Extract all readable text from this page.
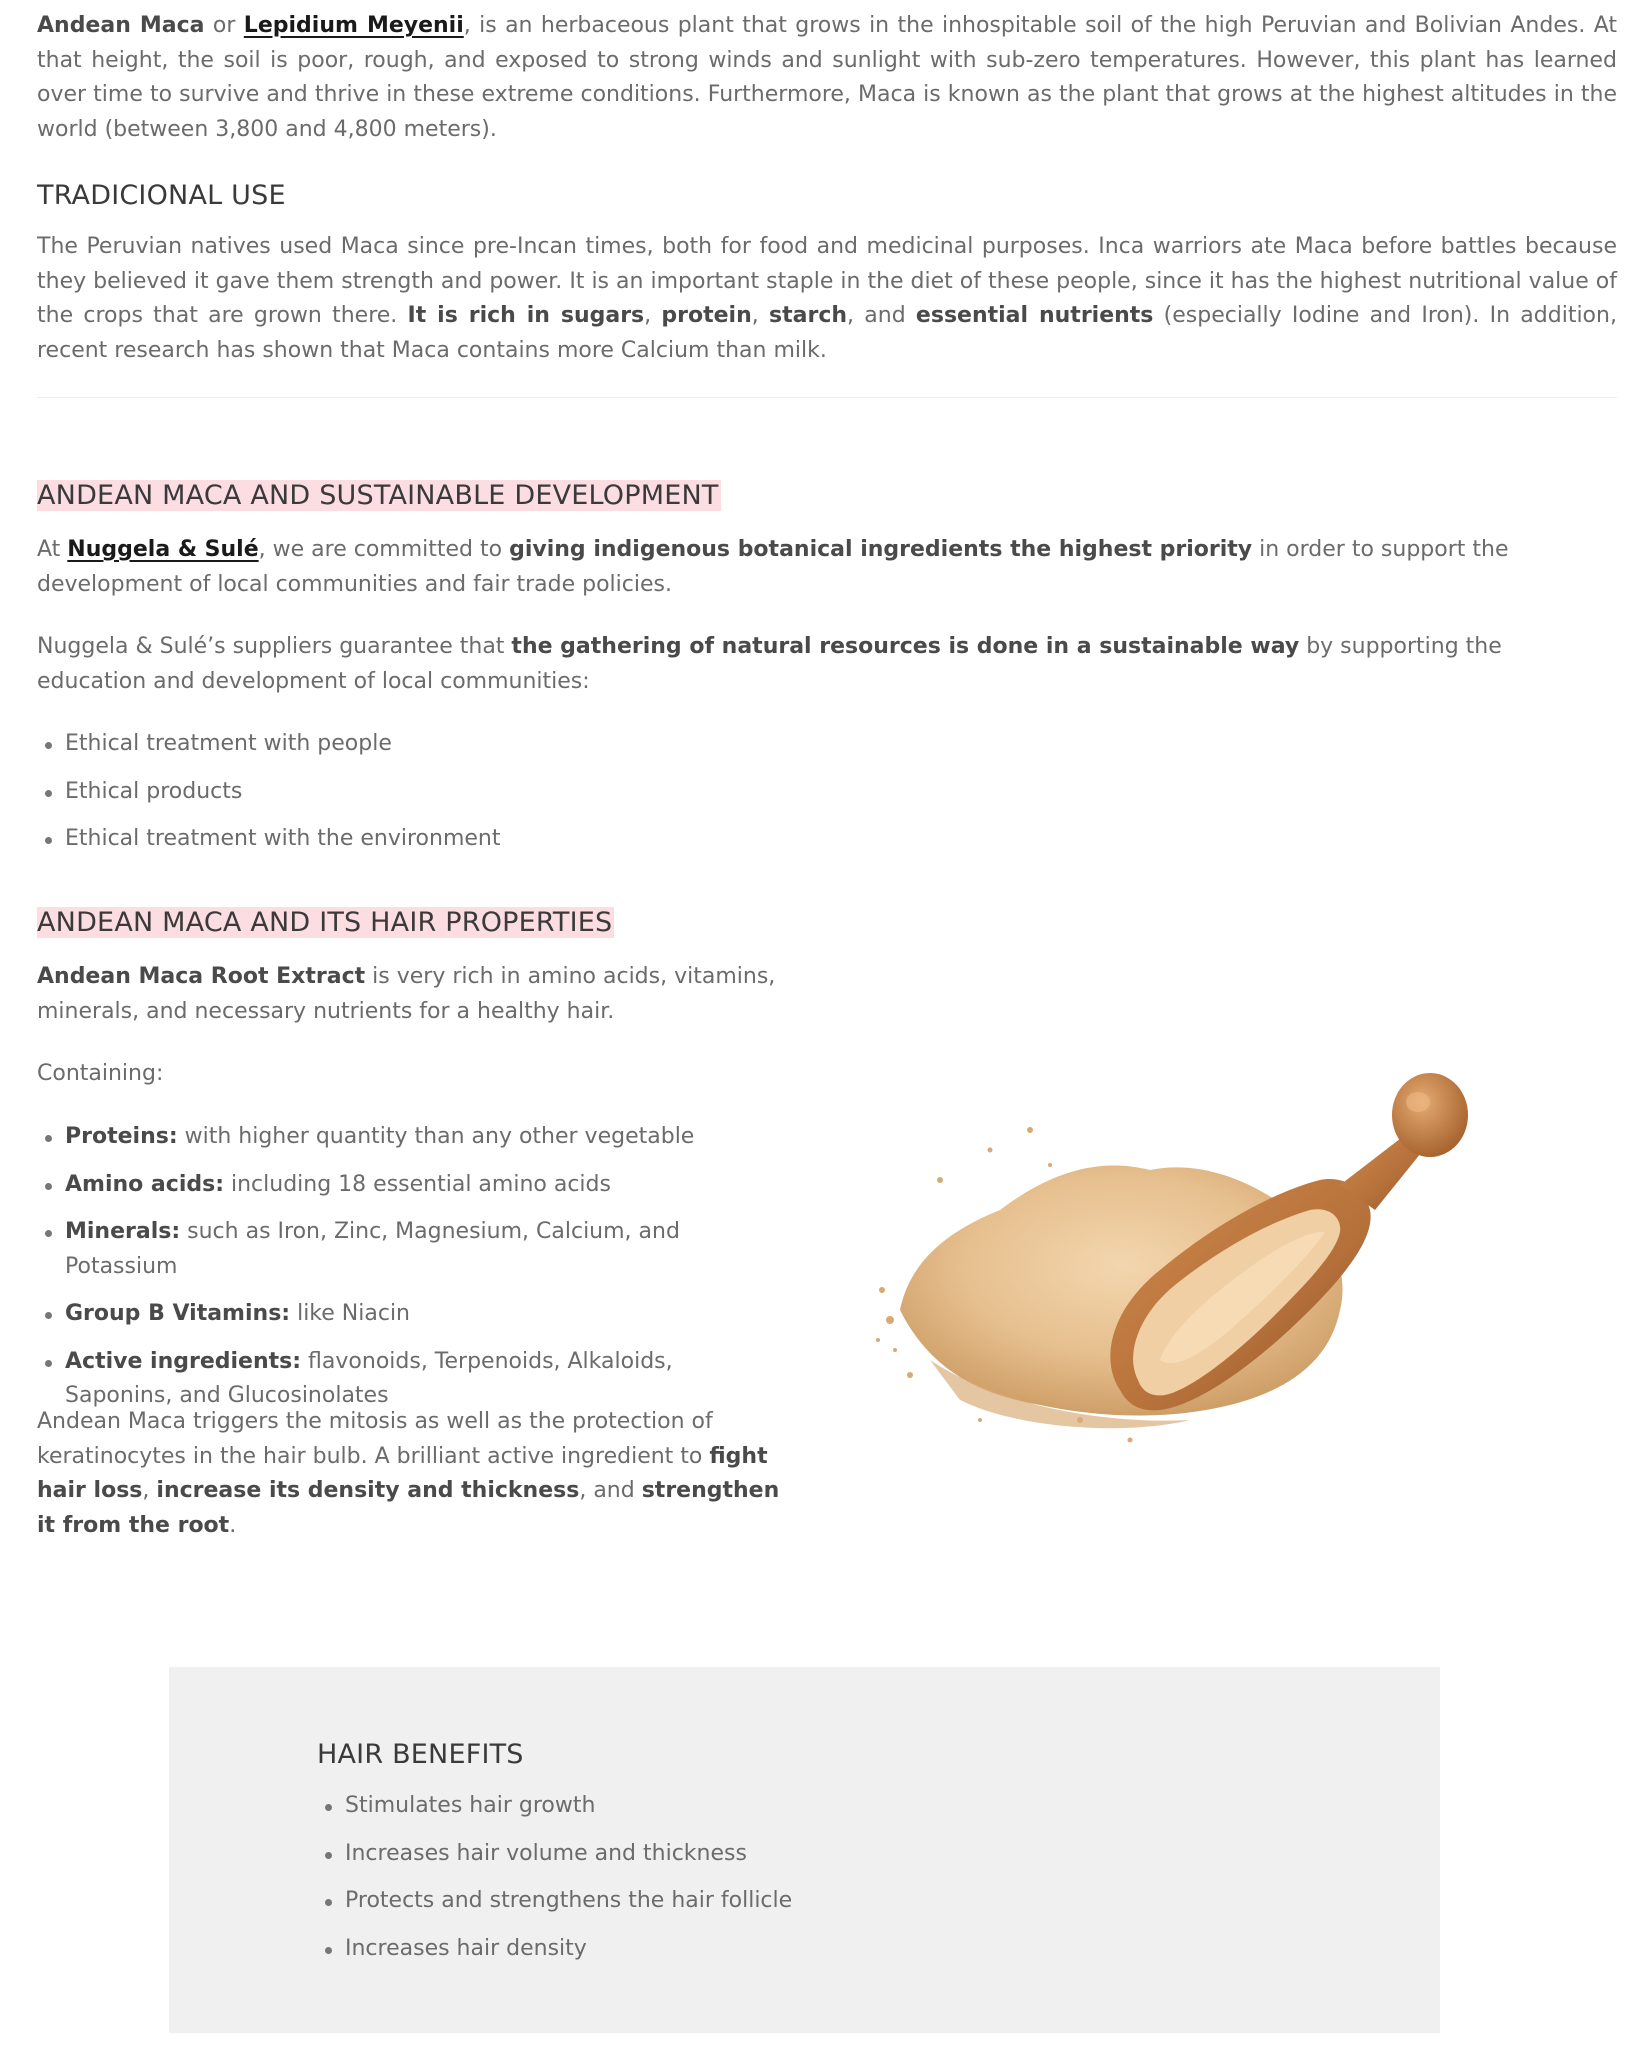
Andean Maca or Lepidium Meyenii, is an herbaceous plant that grows in the inhospitable soil of the high Peruvian and Bolivian Andes. At that height, the soil is poor, rough, and exposed to strong winds and sunlight with sub-zero temperatures. However, this plant has learned over time to survive and thrive in these extreme conditions. Furthermore, Maca is known as the plant that grows at the highest altitudes in the world (between 3,800 and 4,800 meters).

TRADICIONAL USE

The Peruvian natives used Maca since pre-Incan times, both for food and medicinal purposes. Inca warriors ate Maca before battles because they believed it gave them strength and power. It is an important staple in the diet of these people, since it has the highest nutritional value of the crops that are grown there. It is rich in sugars, protein, starch, and essential nutrients (especially Iodine and Iron). In addition, recent research has shown that Maca contains more Calcium than milk.

ANDEAN MACA AND SUSTAINABLE DEVELOPMENT

At Nuggela & Sulé, we are committed to giving indigenous botanical ingredients the highest priority in order to support the development of local communities and fair trade policies.

Nuggela & Sulé’s suppliers guarantee that the gathering of natural resources is done in a sustainable way by supporting the education and development of local communities:

Ethical treatment with people
Ethical products
Ethical treatment with the environment
ANDEAN MACA AND ITS HAIR PROPERTIES

Andean Maca Root Extract is very rich in amino acids, vitamins, minerals, and necessary nutrients for a healthy hair.

Containing:

Proteins: with higher quantity than any other vegetable
Amino acids: including 18 essential amino acids
Minerals: such as Iron, Zinc, Magnesium, Calcium, and Potassium
Group B Vitamins: like Niacin
Active ingredients: flavonoids, Terpenoids, Alkaloids, Saponins, and Glucosinolates

Andean Maca triggers the mitosis as well as the protection of keratinocytes in the hair bulb. A brilliant active ingredient to fight hair loss, increase its density and thickness, and strengthen it from the root.

HAIR BENEFITS
Stimulates hair growth
Increases hair volume and thickness
Protects and strengthens the hair follicle
Increases hair density
